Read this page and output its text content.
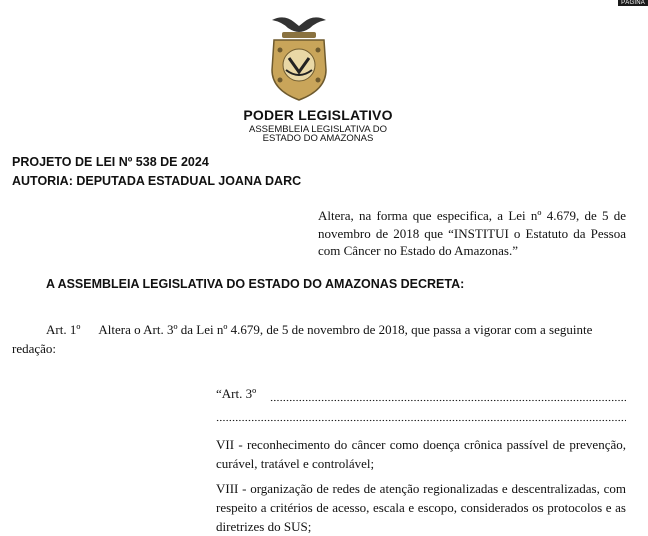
PÁGINA
PODER LEGISLATIVO
ASSEMBLEIA LEGISLATIVA DO
ESTADO DO AMAZONAS
PROJETO DE LEI Nº 538 DE 2024
AUTORIA: DEPUTADA ESTADUAL JOANA DARC
Altera, na forma que especifica, a Lei nº 4.679, de 5 de novembro de 2018 que “INSTITUI o Estatuto da Pessoa com Câncer no Estado do Amazonas.”
A ASSEMBLEIA LEGISLATIVA DO ESTADO DO AMAZONAS DECRETA:
Art. 1º Altera o Art. 3º da Lei nº 4.679, de 5 de novembro de 2018, que passa a vigorar com a seguinte redação:
“Art. 3º
VII - reconhecimento do câncer como doença crônica passível de prevenção, curável, tratável e controlável;
VIII - organização de redes de atenção regionalizadas e descentralizadas, com respeito a critérios de acesso, escala e escopo, considerados os protocolos e as diretrizes do SUS;
